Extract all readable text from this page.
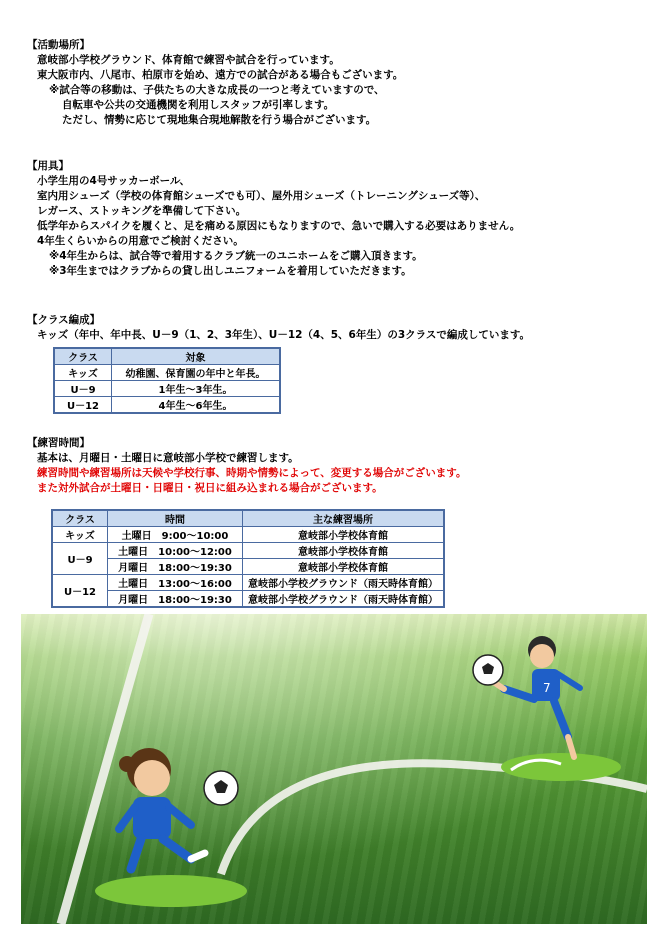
【活動場所】
意岐部小学校グラウンド、体育館で練習や試合を行っています。
東大阪市内、八尾市、柏原市を始め、遠方での試合がある場合もございます。
※試合等の移動は、子供たちの大きな成長の一つと考えていますので、
自転車や公共の交通機関を利用しスタッフが引率します。
ただし、情勢に応じて現地集合現地解散を行う場合がございます。
【用具】
小学生用の4号サッカーボール、
室内用シューズ（学校の体育館シューズでも可）、屋外用シューズ（トレーニングシューズ等）、
レガース、ストッキングを準備して下さい。
低学年からスパイクを履くと、足を痛める原因にもなりますので、急いで購入する必要はありません。
4年生くらいからの用意でご検討ください。
※4年生からは、試合等で着用するクラブ統一のユニホームをご購入頂きます。
※3年生まではクラブからの貸し出しユニフォームを着用していただきます。
【クラス編成】
キッズ（年中、年中長、U－9（1、2、3年生）、U－12（4、5、6年生）の3クラスで編成しています。
クラス	対象
キッズ	幼稚園、保育園の年中と年長。
U－9	1年生～3年生。
U－12	4年生～6年生。
【練習時間】
基本は、月曜日・土曜日に意岐部小学校で練習します。
練習時間や練習場所は天候や学校行事、時期や情勢によって、変更する場合がございます。
また対外試合が土曜日・日曜日・祝日に組み込まれる場合がございます。
クラス	時間	主な練習場所
キッズ	土曜日　9:00～10:00	意岐部小学校体育館
U－9	土曜日　10:00～12:00	意岐部小学校体育館
	月曜日　18:00～19:30	意岐部小学校体育館
U－12	土曜日　13:00～16:00	意岐部小学校グラウンド（雨天時体育館）
	月曜日　18:00～19:30	意岐部小学校グラウンド（雨天時体育館）
7
